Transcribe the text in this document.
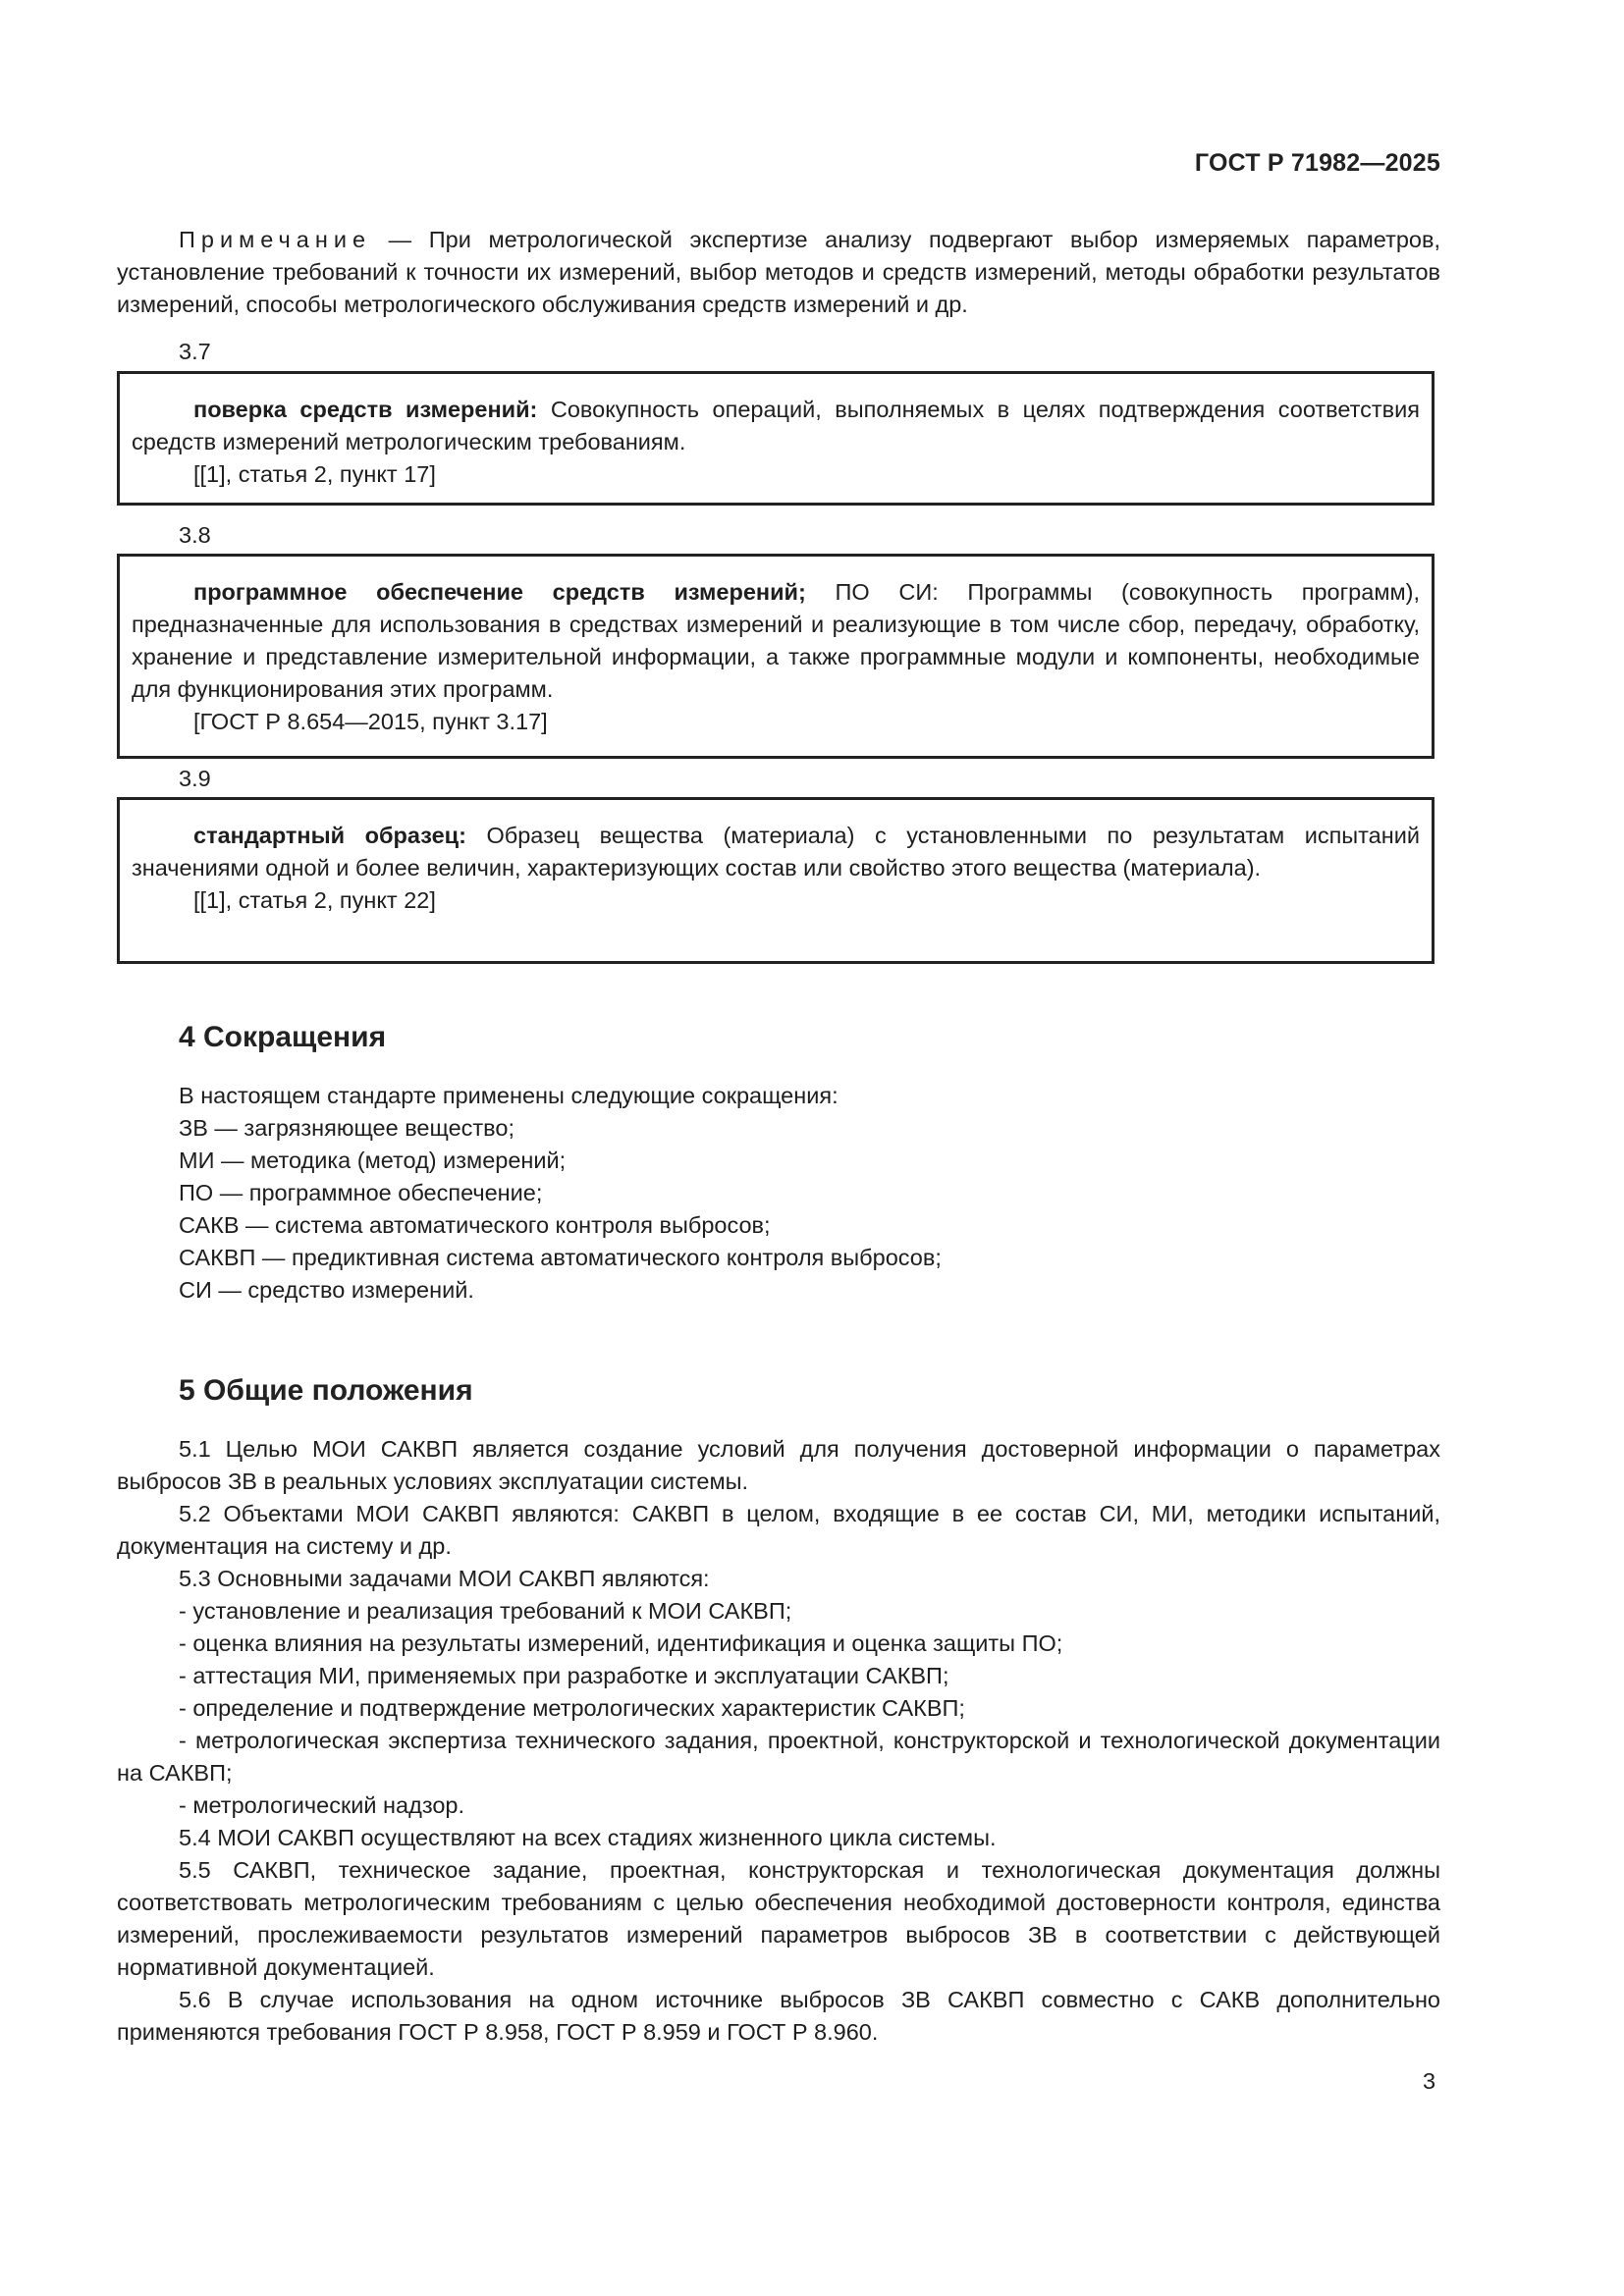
ГОСТ Р 71982—2025
Примечание — При метрологической экспертизе анализу подвергают выбор измеряемых параметров, установление требований к точности их измерений, выбор методов и средств измерений, методы обработки результатов измерений, способы метрологического обслуживания средств измерений и др.
3.7

поверка средств измерений: Совокупность операций, выполняемых в целях подтверждения соответствия средств измерений метрологическим требованиям.

[[1], статья 2, пункт 17]

3.8

программное обеспечение средств измерений; ПО СИ: Программы (совокупность программ), предназначенные для использования в средствах измерений и реализующие в том числе сбор, передачу, обработку, хранение и представление измерительной информации, а также программные модули и компоненты, необходимые для функционирования этих программ.

[ГОСТ Р 8.654—2015, пункт 3.17]

3.9

стандартный образец: Образец вещества (материала) с установленными по результатам испытаний значениями одной и более величин, характеризующих состав или свойство этого вещества (материала).

[[1], статья 2, пункт 22]

4 Сокращения
В настоящем стандарте применены следующие сокращения:
ЗВ — загрязняющее вещество;
МИ — методика (метод) измерений;
ПО — программное обеспечение;
САКВ — система автоматического контроля выбросов;
САКВП — предиктивная система автоматического контроля выбросов;
СИ — средство измерений.
5 Общие положения

5.1 Целью МОИ САКВП является создание условий для получения достоверной информации о параметрах выбросов ЗВ в реальных условиях эксплуатации системы.

5.2 Объектами МОИ САКВП являются: САКВП в целом, входящие в ее состав СИ, МИ, методики испытаний, документация на систему и др.

5.3 Основными задачами МОИ САКВП являются:

- установление и реализация требований к МОИ САКВП;

- оценка влияния на результаты измерений, идентификация и оценка защиты ПО;

- аттестация МИ, применяемых при разработке и эксплуатации САКВП;

- определение и подтверждение метрологических характеристик САКВП;

- метрологическая экспертиза технического задания, проектной, конструкторской и технологической документации на САКВП;

- метрологический надзор.

5.4 МОИ САКВП осуществляют на всех стадиях жизненного цикла системы.

5.5 САКВП, техническое задание, проектная, конструкторская и технологическая документация должны соответствовать метрологическим требованиям с целью обеспечения необходимой достоверности контроля, единства измерений, прослеживаемости результатов измерений параметров выбросов ЗВ в соответствии с действующей нормативной документацией.

5.6 В случае использования на одном источнике выбросов ЗВ САКВП совместно с САКВ дополнительно применяются требования ГОСТ Р 8.958, ГОСТ Р 8.959 и ГОСТ Р 8.960.

3
